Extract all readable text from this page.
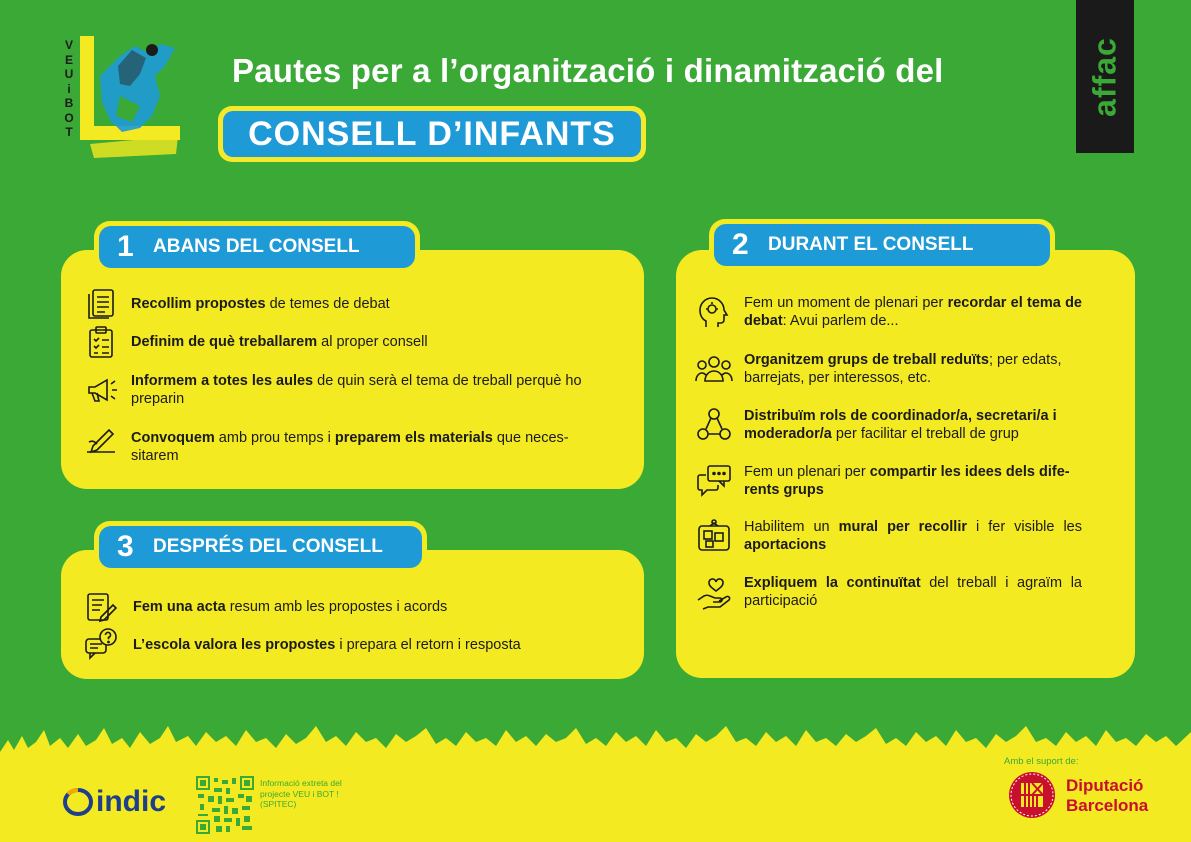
V
E
U
i
B
O
T
Pautes per a l’organització i dinamització del
CONSELL D’INFANTS
affac
1	ABANS DEL CONSELL
Recollim propostes de temes de debat
Definim de què treballarem al proper consell
Informem a totes les aules de quin serà el tema de treball perquè ho preparin
Convoquem amb prou temps i preparem els materials que neces-sitarem
3	DESPRÉS DEL CONSELL
Fem una acta resum amb les propostes i acords
L’escola valora les propostes i prepara el retorn i resposta
2	DURANT EL CONSELL
Fem un moment de plenari per recordar el tema de debat: Avui parlem de...
Organitzem grups de treball reduïts; per edats, barrejats, per interessos, etc.
Distribuïm rols de coordinador/a, secretari/a i moderador/a per facilitar el treball de grup
Fem un plenari per compartir les idees dels dife-rents grups
Habilitem un mural per recollir i fer visible les aportacions
Expliquem la continuïtat del treball i agraïm la participació
indic
Informació extreta del projecte VEU i BOT ! (SPITEC)
Amb el suport de:
Diputació
Barcelona
